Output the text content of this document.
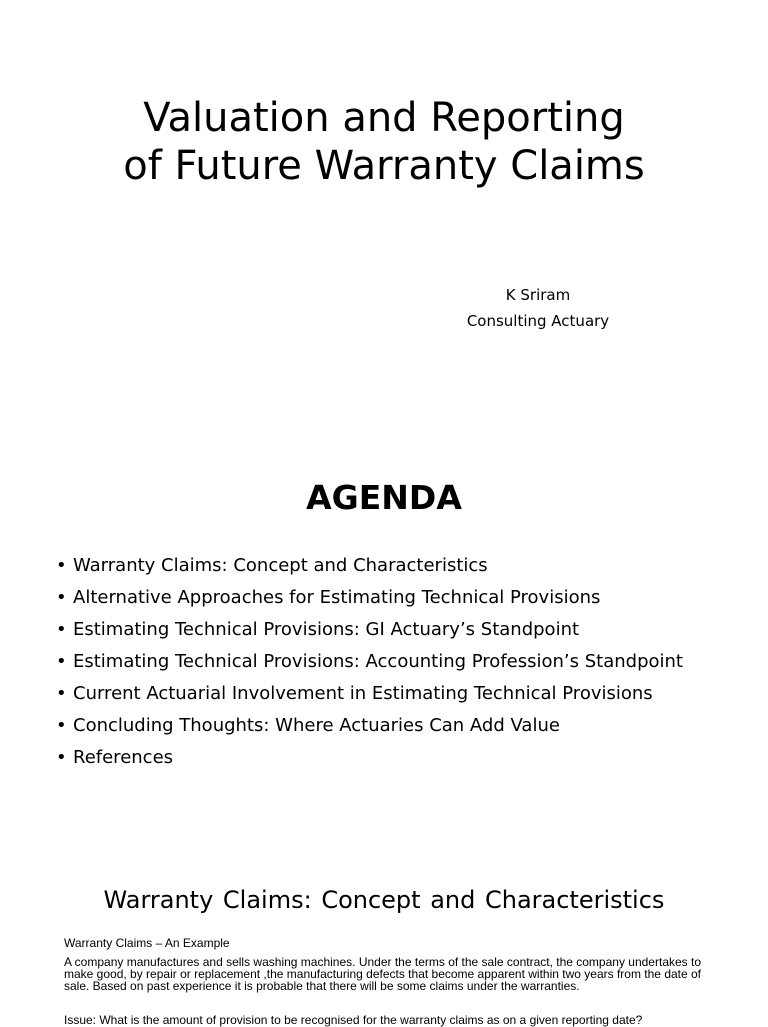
Valuation and Reporting
of Future Warranty Claims
K Sriram
Consulting Actuary
AGENDA
• Warranty Claims: Concept and Characteristics
• Alternative Approaches for Estimating Technical Provisions
• Estimating Technical Provisions: GI Actuary’s Standpoint
• Estimating Technical Provisions: Accounting Profession’s Standpoint
• Current Actuarial Involvement in Estimating Technical Provisions
• Concluding Thoughts: Where Actuaries Can Add Value
• References
Warranty Claims: Concept and Characteristics
Warranty Claims – An Example
A company manufactures and sells washing machines. Under the terms of the sale contract, the company undertakes to make good, by repair or replacement ,the manufacturing defects that become apparent within two years from the date of sale. Based on past experience it is probable that there will be some claims under the warranties.
Issue: What is the amount of provision to be recognised for the warranty claims as on a given reporting date?
